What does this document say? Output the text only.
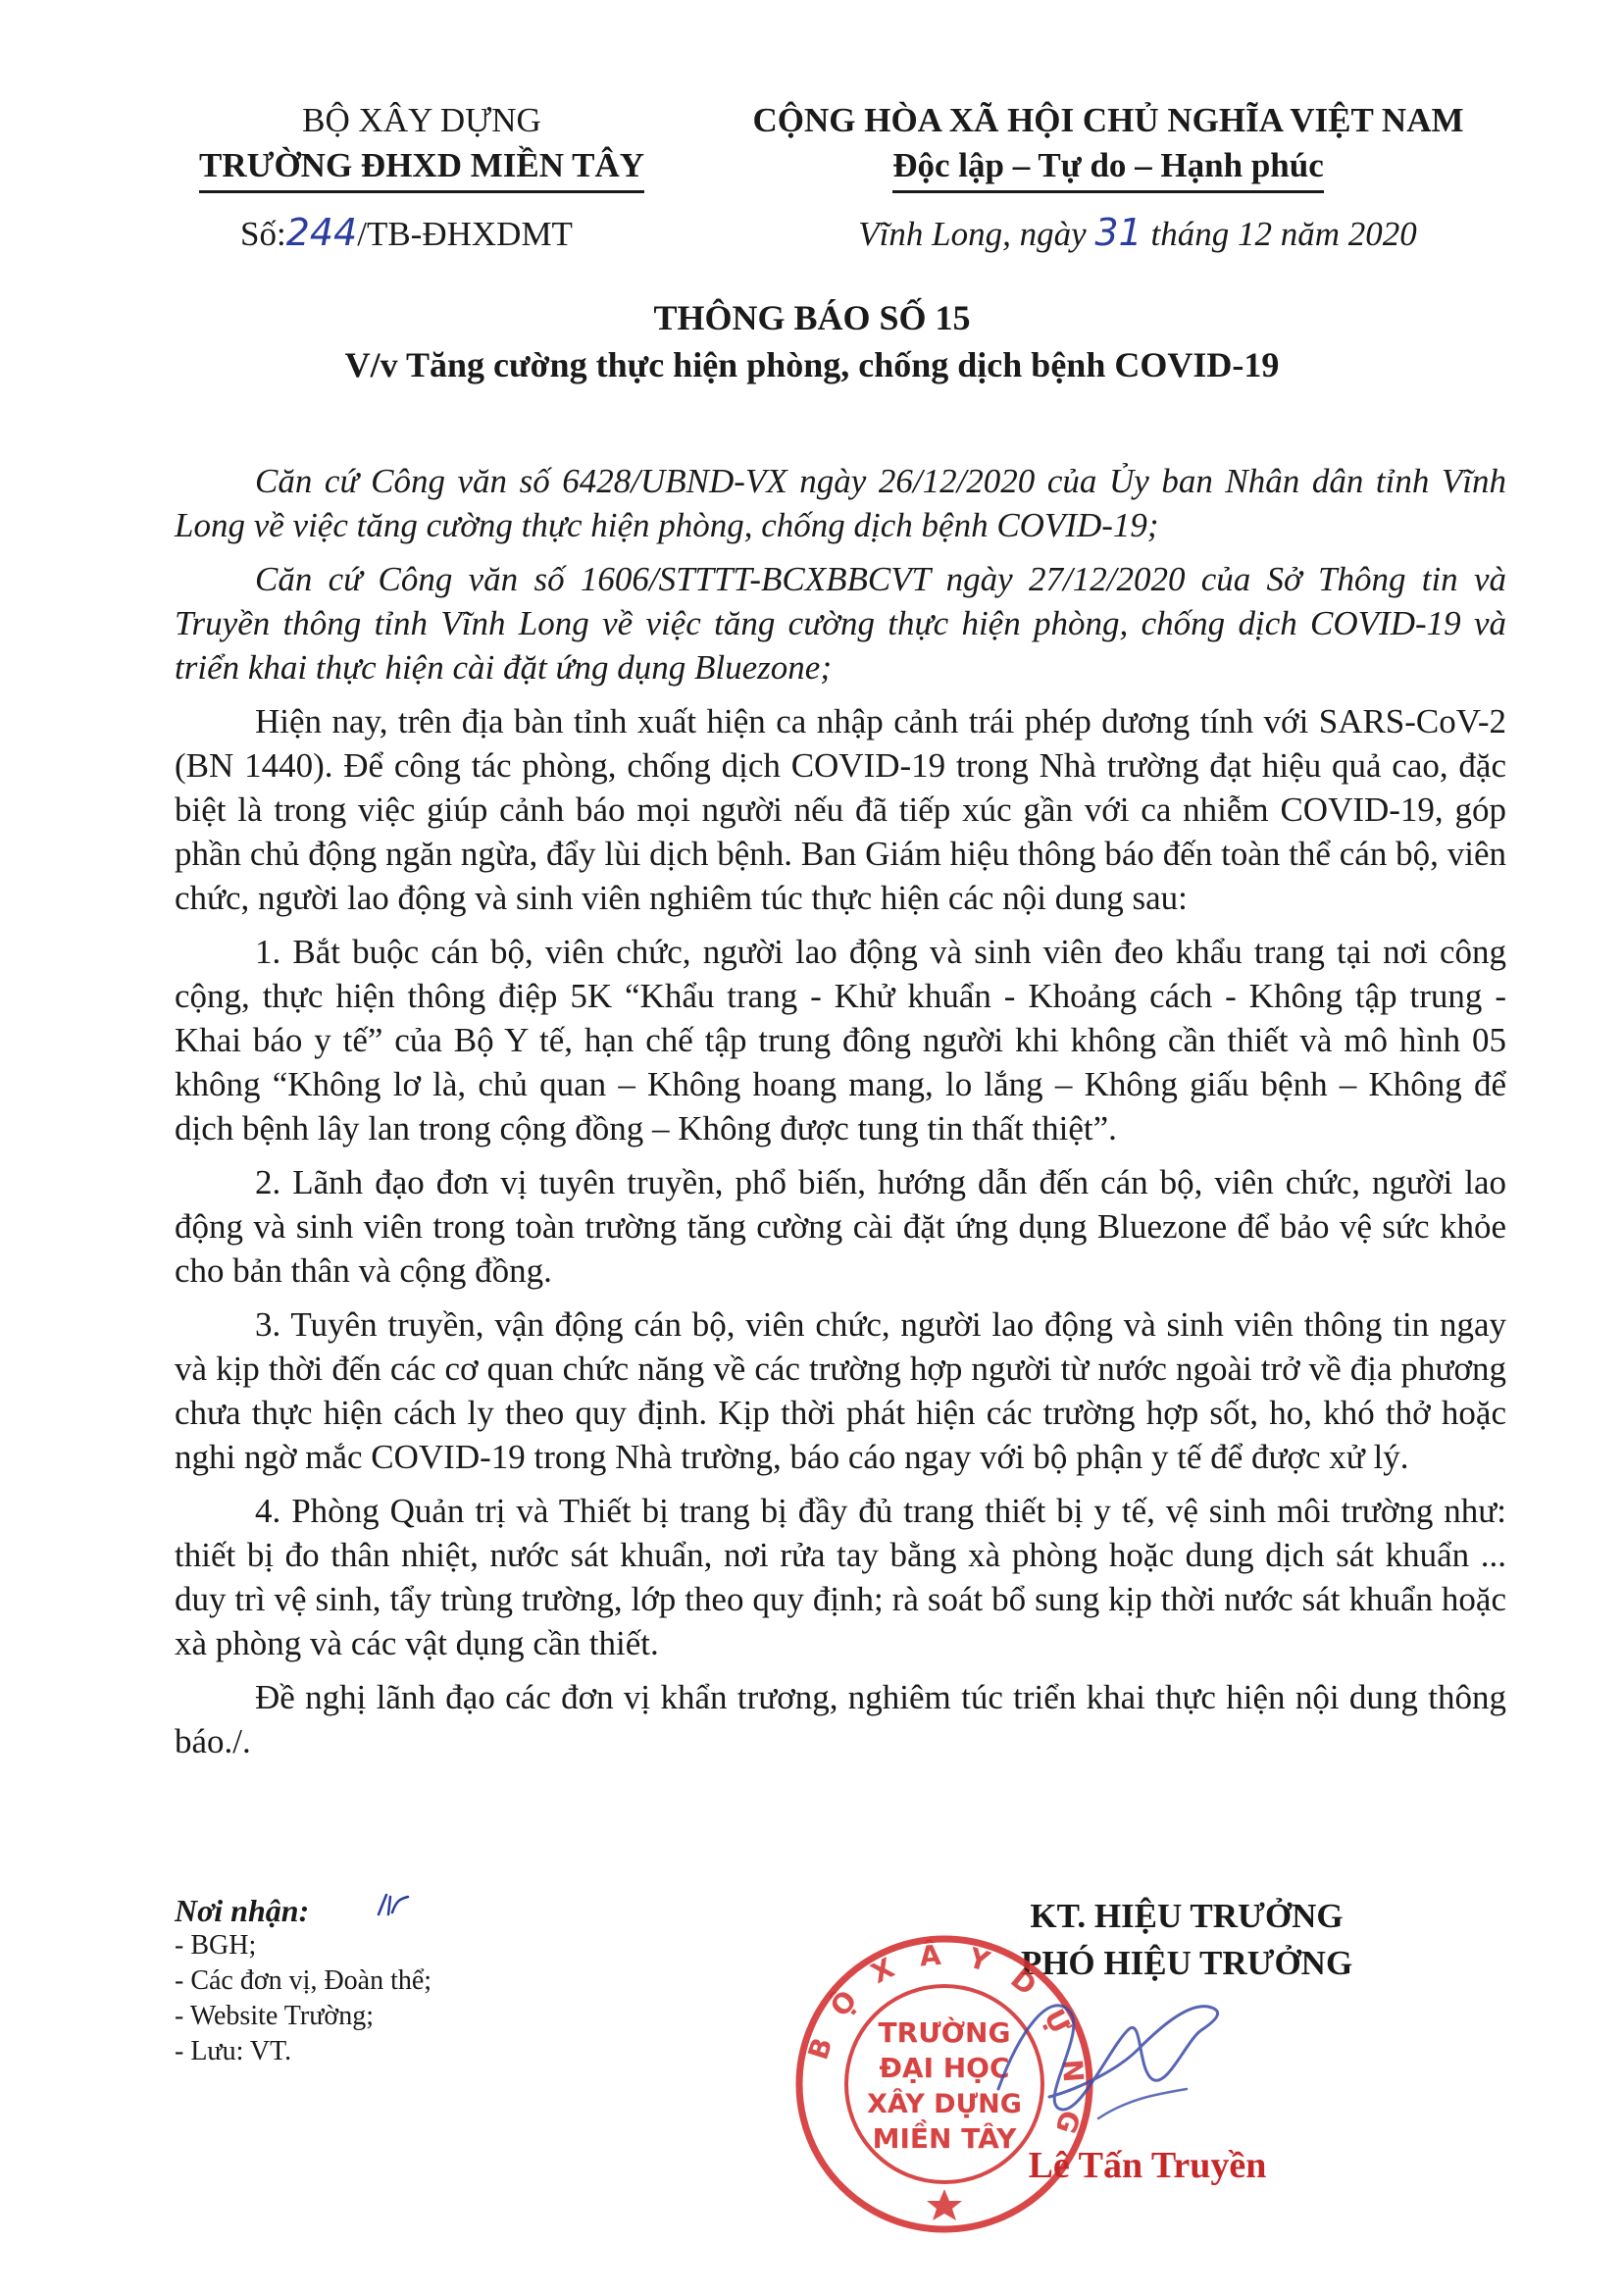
BỘ XÂY DỰNG
TRƯỜNG ĐHXD MIỀN TÂY
CỘNG HÒA XÃ HỘI CHỦ NGHĨA VIỆT NAM
Độc lập – Tự do – Hạnh phúc
Số:244/TB-ĐHXDMT	Vĩnh Long, ngày 31 tháng 12 năm 2020
THÔNG BÁO SỐ 15
V/v Tăng cường thực hiện phòng, chống dịch bệnh COVID-19

Căn cứ Công văn số 6428/UBND-VX ngày 26/12/2020 của Ủy ban Nhân dân tỉnh Vĩnh Long về việc tăng cường thực hiện phòng, chống dịch bệnh COVID-19;

Căn cứ Công văn số 1606/STTTT-BCXBBCVT ngày 27/12/2020 của Sở Thông tin và Truyền thông tỉnh Vĩnh Long về việc tăng cường thực hiện phòng, chống dịch COVID-19 và triển khai thực hiện cài đặt ứng dụng Bluezone;

Hiện nay, trên địa bàn tỉnh xuất hiện ca nhập cảnh trái phép dương tính với SARS-CoV-2 (BN 1440). Để công tác phòng, chống dịch COVID-19 trong Nhà trường đạt hiệu quả cao, đặc biệt là trong việc giúp cảnh báo mọi người nếu đã tiếp xúc gần với ca nhiễm COVID-19, góp phần chủ động ngăn ngừa, đẩy lùi dịch bệnh. Ban Giám hiệu thông báo đến toàn thể cán bộ, viên chức, người lao động và sinh viên nghiêm túc thực hiện các nội dung sau:

1. Bắt buộc cán bộ, viên chức, người lao động và sinh viên đeo khẩu trang tại nơi công cộng, thực hiện thông điệp 5K “Khẩu trang - Khử khuẩn - Khoảng cách - Không tập trung - Khai báo y tế” của Bộ Y tế, hạn chế tập trung đông người khi không cần thiết và mô hình 05 không “Không lơ là, chủ quan – Không hoang mang, lo lắng – Không giấu bệnh – Không để dịch bệnh lây lan trong cộng đồng – Không được tung tin thất thiệt”.

2. Lãnh đạo đơn vị tuyên truyền, phổ biến, hướng dẫn đến cán bộ, viên chức, người lao động và sinh viên trong toàn trường tăng cường cài đặt ứng dụng Bluezone để bảo vệ sức khỏe cho bản thân và cộng đồng.

3. Tuyên truyền, vận động cán bộ, viên chức, người lao động và sinh viên thông tin ngay và kịp thời đến các cơ quan chức năng về các trường hợp người từ nước ngoài trở về địa phương chưa thực hiện cách ly theo quy định. Kịp thời phát hiện các trường hợp sốt, ho, khó thở hoặc nghi ngờ mắc COVID-19 trong Nhà trường, báo cáo ngay với bộ phận y tế để được xử lý.

4. Phòng Quản trị và Thiết bị trang bị đầy đủ trang thiết bị y tế, vệ sinh môi trường như: thiết bị đo thân nhiệt, nước sát khuẩn, nơi rửa tay bằng xà phòng hoặc dung dịch sát khuẩn ... duy trì vệ sinh, tẩy trùng trường, lớp theo quy định; rà soát bổ sung kịp thời nước sát khuẩn hoặc xà phòng và các vật dụng cần thiết.

Đề nghị lãnh đạo các đơn vị khẩn trương, nghiêm túc triển khai thực hiện nội dung thông báo./.

Nơi nhận:
- BGH;
- Các đơn vị, Đoàn thể;
- Website Trường;
- Lưu: VT.
KT. HIỆU TRƯỞNG
PHÓ HIỆU TRƯỞNG
B Ộ X Â Y D Ự N G
TRƯỜNG
ĐẠI HỌC
XÂY DỰNG
MIỀN TÂY
Lê Tấn Truyền
